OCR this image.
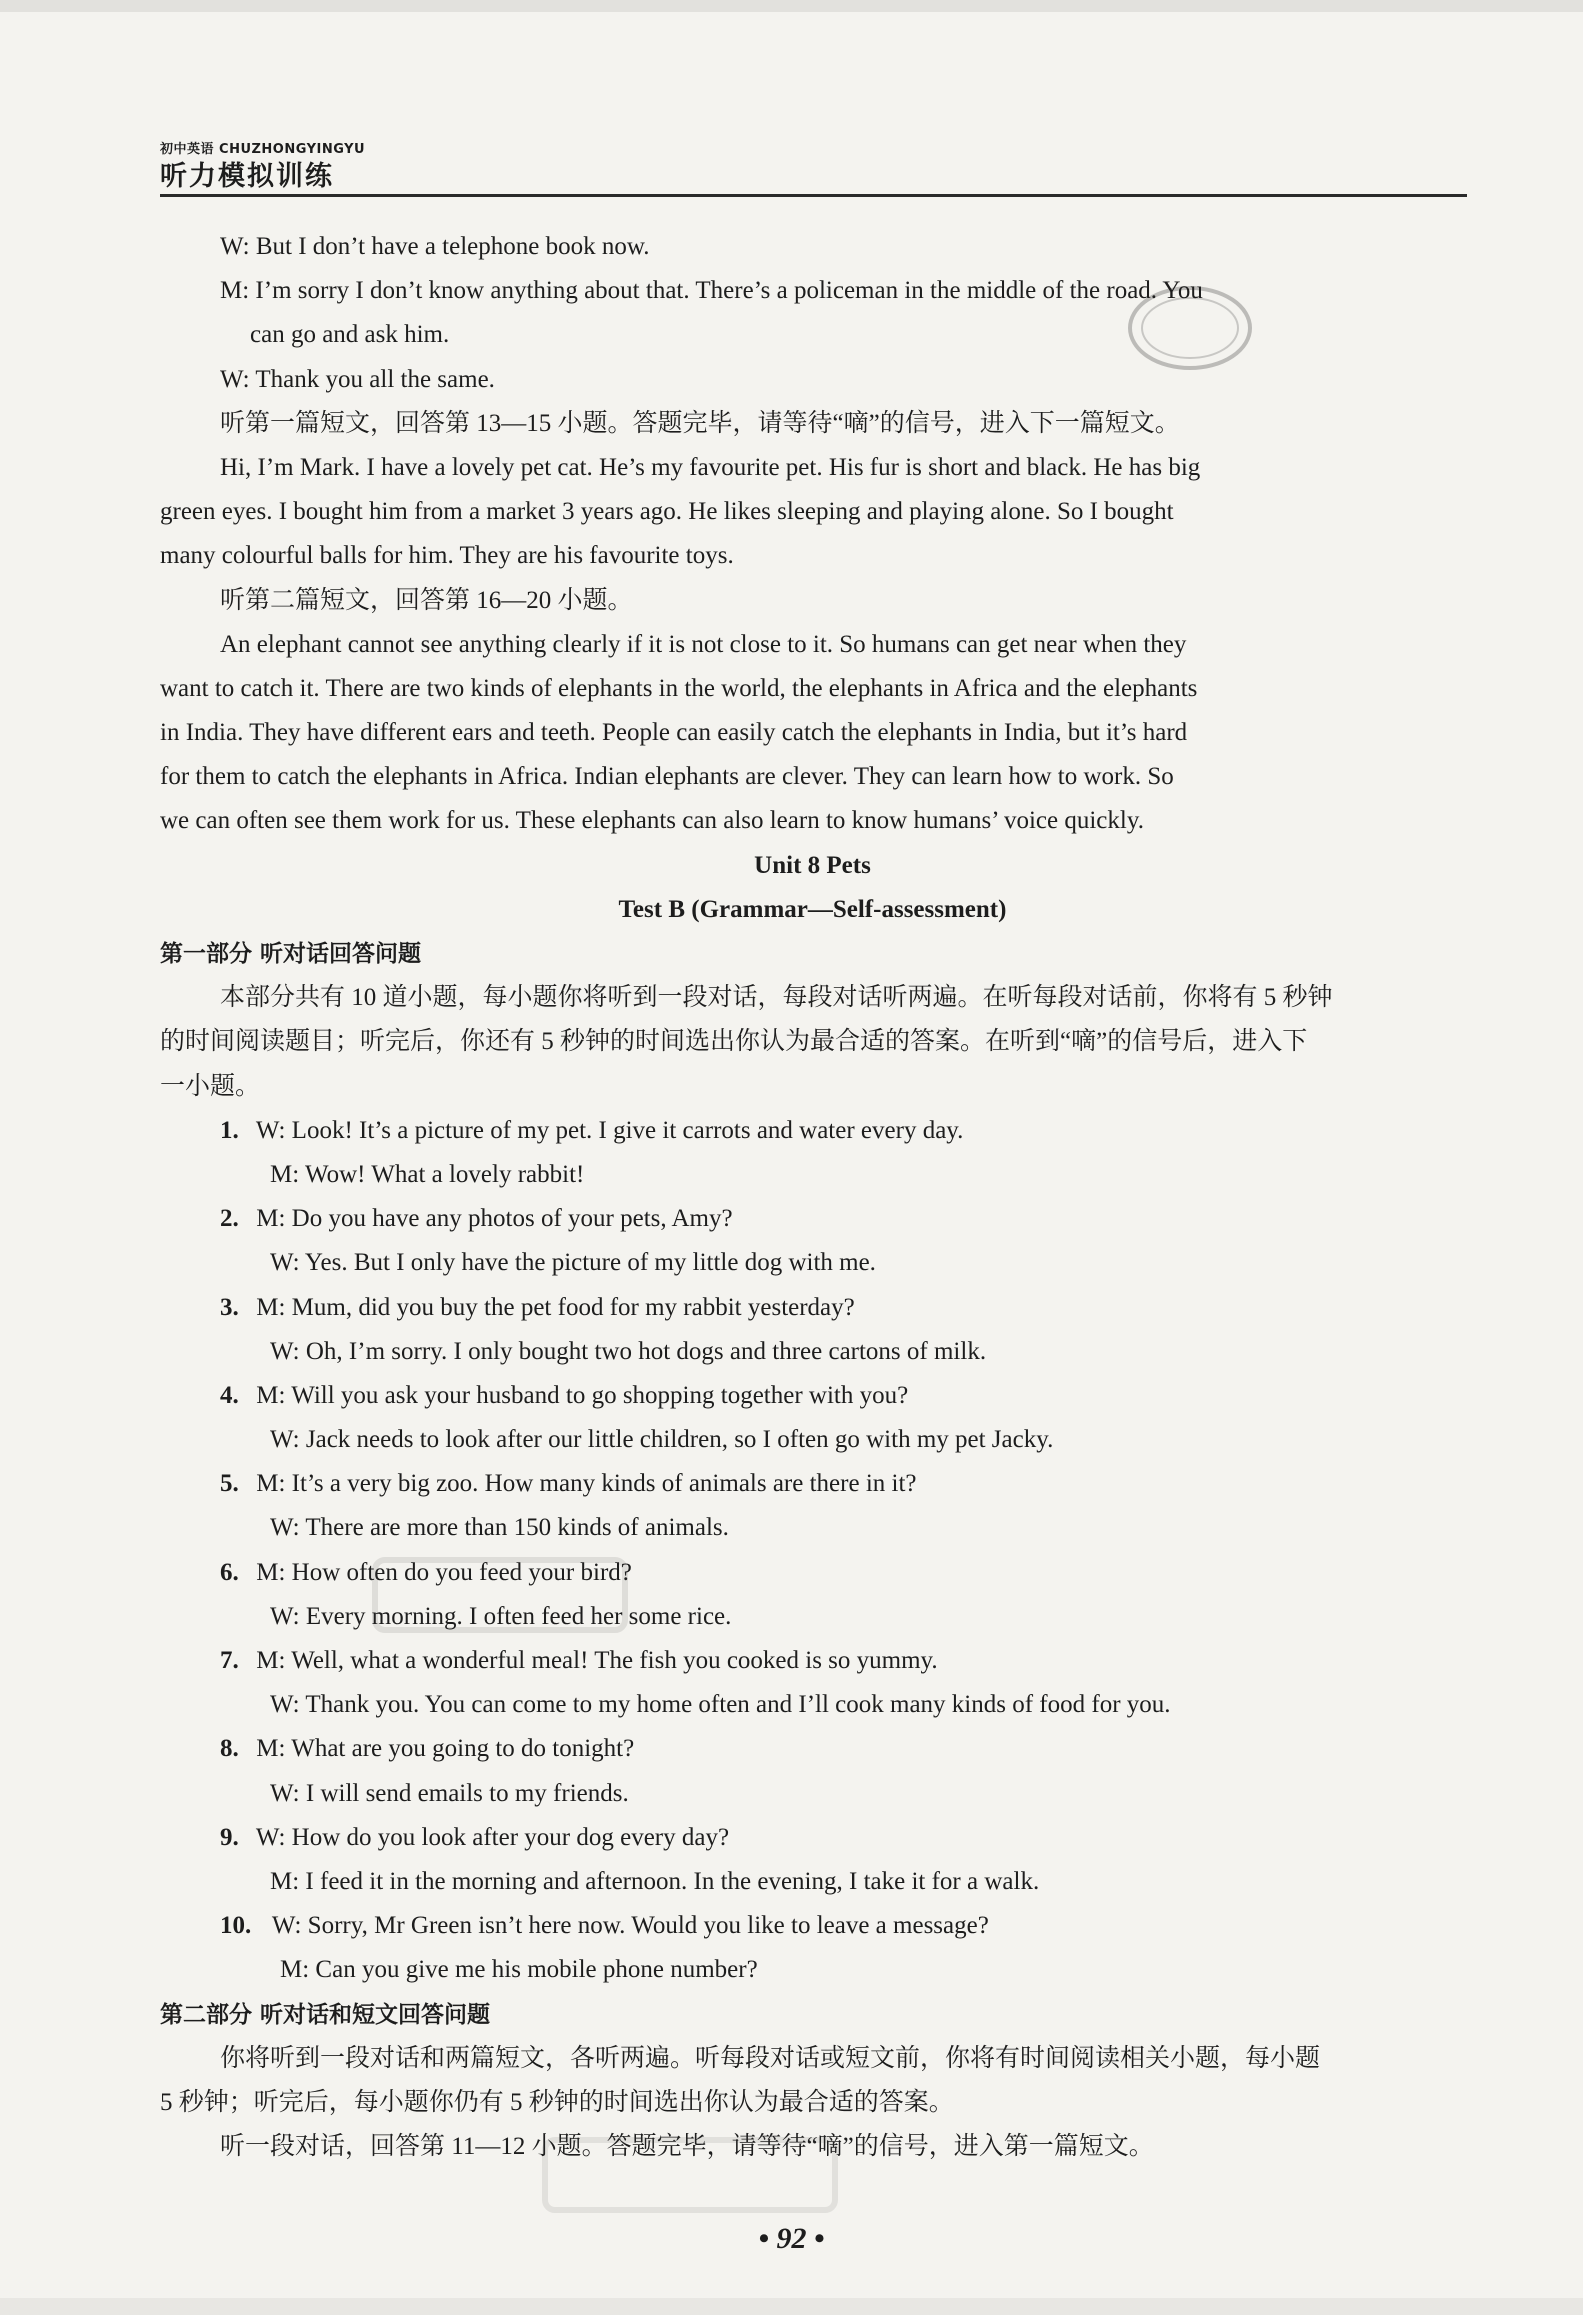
初中英语 CHUZHONGYINGYU
听力模拟训练
W: But I don’t have a telephone book now.
M: I’m sorry I don’t know anything about that. There’s a policeman in the middle of the road. You
can go and ask him.
W: Thank you all the same.
听第一篇短文，回答第 13—15 小题。答题完毕，请等待“嘀”的信号，进入下一篇短文。
Hi, I’m Mark. I have a lovely pet cat. He’s my favourite pet. His fur is short and black. He has big
green eyes. I bought him from a market 3 years ago. He likes sleeping and playing alone. So I bought
many colourful balls for him. They are his favourite toys.
听第二篇短文，回答第 16—20 小题。
An elephant cannot see anything clearly if it is not close to it. So humans can get near when they
want to catch it. There are two kinds of elephants in the world, the elephants in Africa and the elephants
in India. They have different ears and teeth. People can easily catch the elephants in India, but it’s hard
for them to catch the elephants in Africa. Indian elephants are clever. They can learn how to work. So
we can often see them work for us. These elephants can also learn to know humans’ voice quickly.
Unit 8 Pets
Test B (Grammar—Self-assessment)
第一部分 听对话回答问题
本部分共有 10 道小题，每小题你将听到一段对话，每段对话听两遍。在听每段对话前，你将有 5 秒钟
的时间阅读题目；听完后，你还有 5 秒钟的时间选出你认为最合适的答案。在听到“嘀”的信号后，进入下
一小题。
1. W: Look! It’s a picture of my pet. I give it carrots and water every day.
M: Wow! What a lovely rabbit!
2. M: Do you have any photos of your pets, Amy?
W: Yes. But I only have the picture of my little dog with me.
3. M: Mum, did you buy the pet food for my rabbit yesterday?
W: Oh, I’m sorry. I only bought two hot dogs and three cartons of milk.
4. M: Will you ask your husband to go shopping together with you?
W: Jack needs to look after our little children, so I often go with my pet Jacky.
5. M: It’s a very big zoo. How many kinds of animals are there in it?
W: There are more than 150 kinds of animals.
6. M: How often do you feed your bird?
W: Every morning. I often feed her some rice.
7. M: Well, what a wonderful meal! The fish you cooked is so yummy.
W: Thank you. You can come to my home often and I’ll cook many kinds of food for you.
8. M: What are you going to do tonight?
W: I will send emails to my friends.
9. W: How do you look after your dog every day?
M: I feed it in the morning and afternoon. In the evening, I take it for a walk.
10. W: Sorry, Mr Green isn’t here now. Would you like to leave a message?
M: Can you give me his mobile phone number?
第二部分 听对话和短文回答问题
你将听到一段对话和两篇短文，各听两遍。听每段对话或短文前，你将有时间阅读相关小题，每小题
5 秒钟；听完后，每小题你仍有 5 秒钟的时间选出你认为最合适的答案。
听一段对话，回答第 11—12 小题。答题完毕，请等待“嘀”的信号，进入第一篇短文。
• 92 •
